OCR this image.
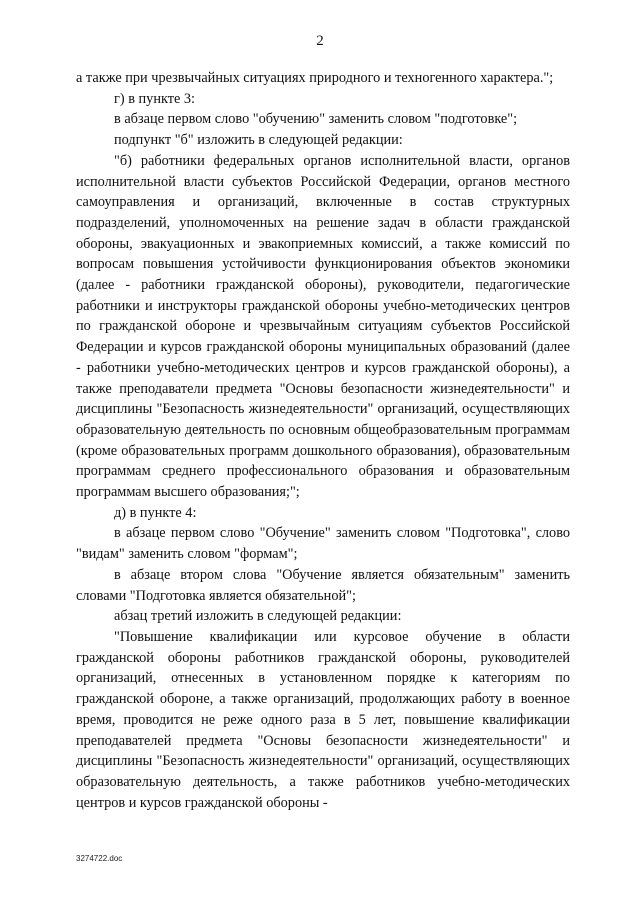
2

а также при чрезвычайных ситуациях природного и техногенного характера.";

г) в пункте 3:

в абзаце первом слово "обучению" заменить словом "подготовке";

подпункт "б" изложить в следующей редакции:

"б) работники федеральных органов исполнительной власти, органов исполнительной власти субъектов Российской Федерации, органов местного самоуправления и организаций, включенные в состав структурных подразделений, уполномоченных на решение задач в области гражданской обороны, эвакуационных и эвакоприемных комиссий, а также комиссий по вопросам повышения устойчивости функционирования объектов экономики (далее - работники гражданской обороны), руководители, педагогические работники и инструкторы гражданской обороны учебно-методических центров по гражданской обороне и чрезвычайным ситуациям субъектов Российской Федерации и курсов гражданской обороны муниципальных образований (далее - работники учебно-методических центров и курсов гражданской обороны), а также преподаватели предмета "Основы безопасности жизнедеятельности" и дисциплины "Безопасность жизнедеятельности" организаций, осуществляющих образовательную деятельность по основным общеобразовательным программам (кроме образовательных программ дошкольного образования), образовательным программам среднего профессионального образования и образовательным программам высшего образования;";

д) в пункте 4:

в абзаце первом слово "Обучение" заменить словом "Подготовка", слово "видам" заменить словом "формам";

в абзаце втором слова "Обучение является обязательным" заменить словами "Подготовка является обязательной";

абзац третий изложить в следующей редакции:

"Повышение квалификации или курсовое обучение в области гражданской обороны работников гражданской обороны, руководителей организаций, отнесенных в установленном порядке к категориям по гражданской обороне, а также организаций, продолжающих работу в военное время, проводится не реже одного раза в 5 лет, повышение квалификации преподавателей предмета "Основы безопасности жизнедеятельности" и дисциплины "Безопасность жизнедеятельности" организаций, осуществляющих образовательную деятельность, а также работников учебно-методических центров и курсов гражданской обороны -

3274722.doc
